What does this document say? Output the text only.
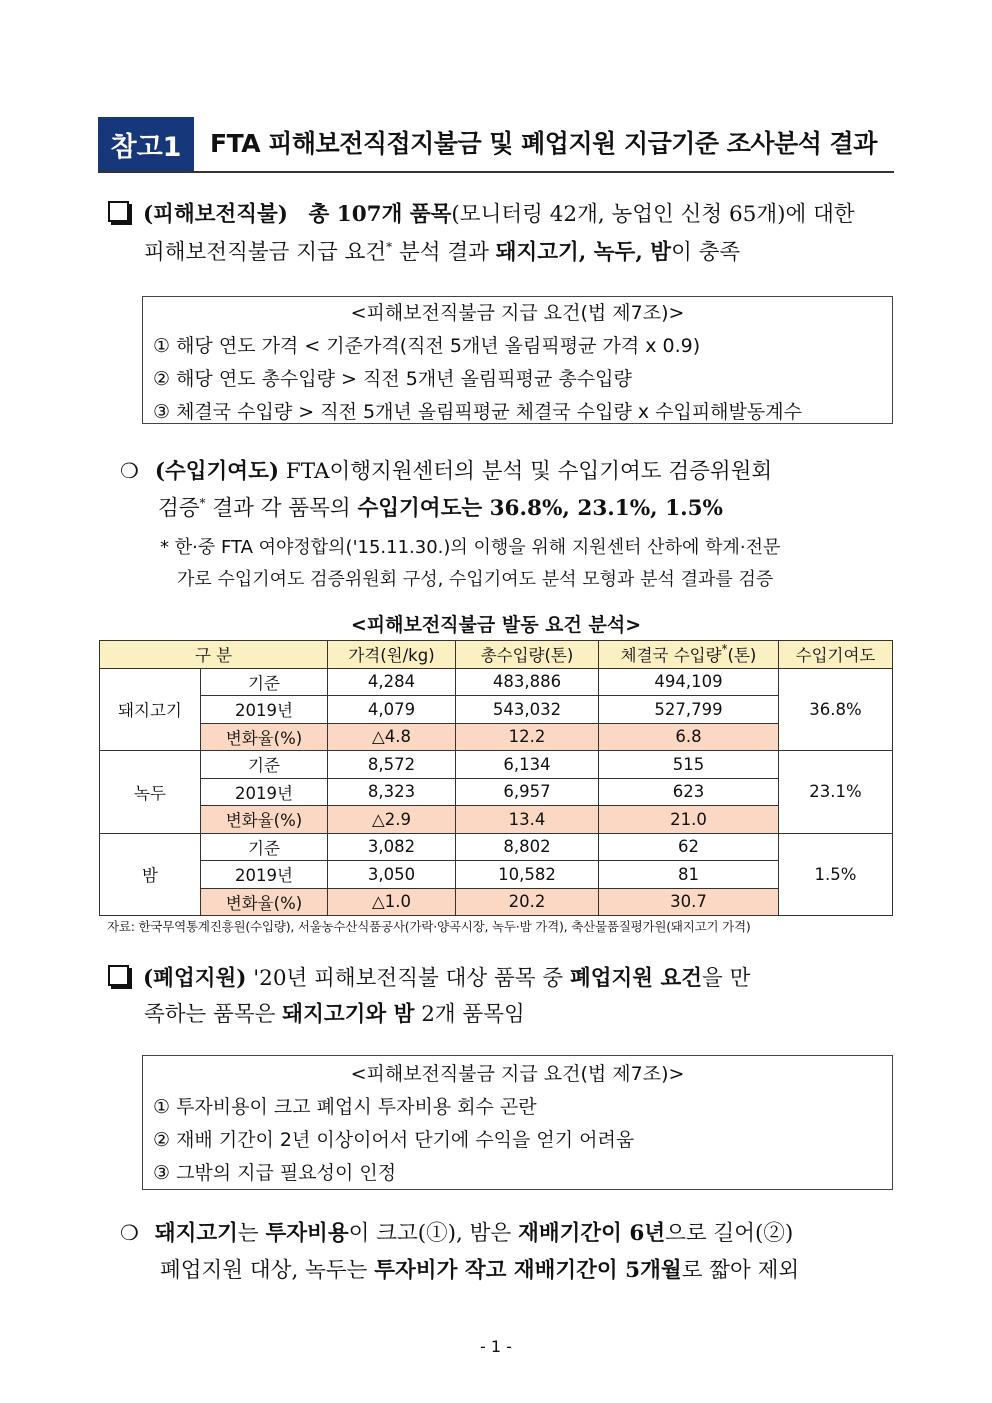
참고1	FTA 피해보전직접지불금 및 폐업지원 지급기준 조사분석 결과
(피해보전직불) 총 107개 품목(모니터링 42개, 농업인 신청 65개)에 대한
피해보전직불금 지급 요건* 분석 결과 돼지고기, 녹두, 밤이 충족
<피해보전직불금 지급 요건(법 제7조)>
① 해당 연도 가격 < 기준가격(직전 5개년 올림픽평균 가격 x 0.9)
② 해당 연도 총수입량 > 직전 5개년 올림픽평균 총수입량
③ 체결국 수입량 > 직전 5개년 올림픽평균 체결국 수입량 x 수입피해발동계수
❍ (수입기여도) FTA이행지원센터의 분석 및 수입기여도 검증위원회
검증* 결과 각 품목의 수입기여도는 36.8%, 23.1%, 1.5%
* 한·중 FTA 여야정합의('15.11.30.)의 이행을 위해 지원센터 산하에 학계·전문
가로 수입기여도 검증위원회 구성, 수입기여도 분석 모형과 분석 결과를 검증
<피해보전직불금 발동 요건 분석>
구 분		가격(원/kg)	총수입량(톤)	체결국 수입량*(톤)	수입기여도
돼지고기	기준	4,284	483,886	494,109	36.8%
	2019년	4,079	543,032	527,799	
	변화율(%)	△4.8	12.2	6.8	
녹두	기준	8,572	6,134	515	23.1%
	2019년	8,323	6,957	623	
	변화율(%)	△2.9	13.4	21.0	
밤	기준	3,082	8,802	62	1.5%
	2019년	3,050	10,582	81	
	변화율(%)	△1.0	20.2	30.7	
자료: 한국무역통계진흥원(수입량), 서울농수산식품공사(가락·양곡시장, 녹두·밤 가격), 축산물품질평가원(돼지고기 가격)
(폐업지원) '20년 피해보전직불 대상 품목 중 폐업지원 요건을 만
족하는 품목은 돼지고기와 밤 2개 품목임
<피해보전직불금 지급 요건(법 제7조)>
① 투자비용이 크고 폐업시 투자비용 회수 곤란
② 재배 기간이 2년 이상이어서 단기에 수익을 얻기 어려움
③ 그밖의 지급 필요성이 인정
❍ 돼지고기는 투자비용이 크고(①), 밤은 재배기간이 6년으로 길어(②)
폐업지원 대상, 녹두는 투자비가 작고 재배기간이 5개월로 짧아 제외
- 1 -
